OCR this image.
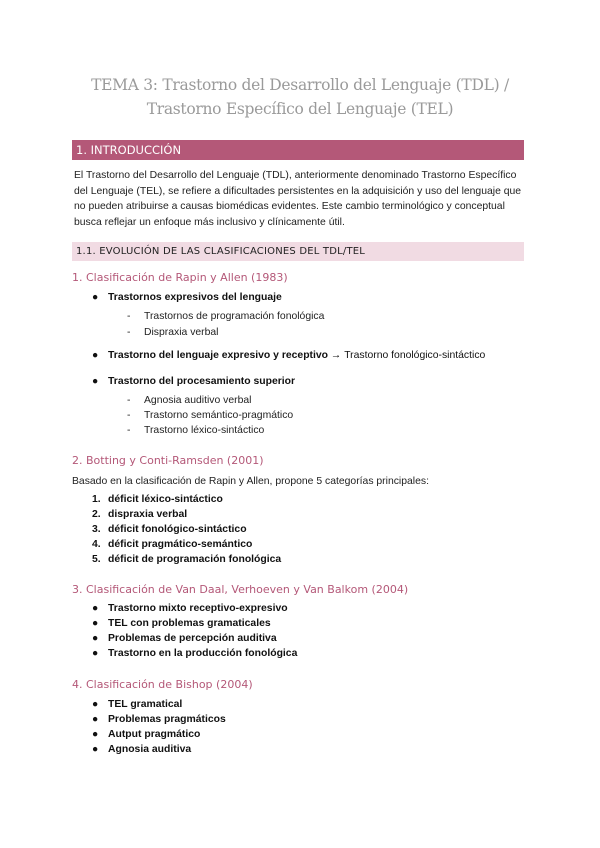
TEMA 3: Trastorno del Desarrollo del Lenguaje (TDL) / Trastorno Específico del Lenguaje (TEL)
1. INTRODUCCIÓN
El Trastorno del Desarrollo del Lenguaje (TDL), anteriormente denominado Trastorno Específico del Lenguaje (TEL), se refiere a dificultades persistentes en la adquisición y uso del lenguaje que no pueden atribuirse a causas biomédicas evidentes. Este cambio terminológico y conceptual busca reflejar un enfoque más inclusivo y clínicamente útil.
1.1. EVOLUCIÓN DE LAS CLASIFICACIONES DEL TDL/TEL
1. Clasificación de Rapin y Allen (1983)
● Trastornos expresivos del lenguaje
- Trastornos de programación fonológica
- Dispraxia verbal
● Trastorno del lenguaje expresivo y receptivo → Trastorno fonológico-sintáctico
● Trastorno del procesamiento superior
- Agnosia auditivo verbal
- Trastorno semántico-pragmático
- Trastorno léxico-sintáctico
2. Botting y Conti-Ramsden (2001)
Basado en la clasificación de Rapin y Allen, propone 5 categorías principales:
1. déficit léxico-sintáctico
2. dispraxia verbal
3. déficit fonológico-sintáctico
4. déficit pragmático-semántico
5. déficit de programación fonológica
3. Clasificación de Van Daal, Verhoeven y Van Balkom (2004)
● Trastorno mixto receptivo-expresivo
● TEL con problemas gramaticales
● Problemas de percepción auditiva
● Trastorno en la producción fonológica
4. Clasificación de Bishop (2004)
● TEL gramatical
● Problemas pragmáticos
● Autput pragmático
● Agnosia auditiva
